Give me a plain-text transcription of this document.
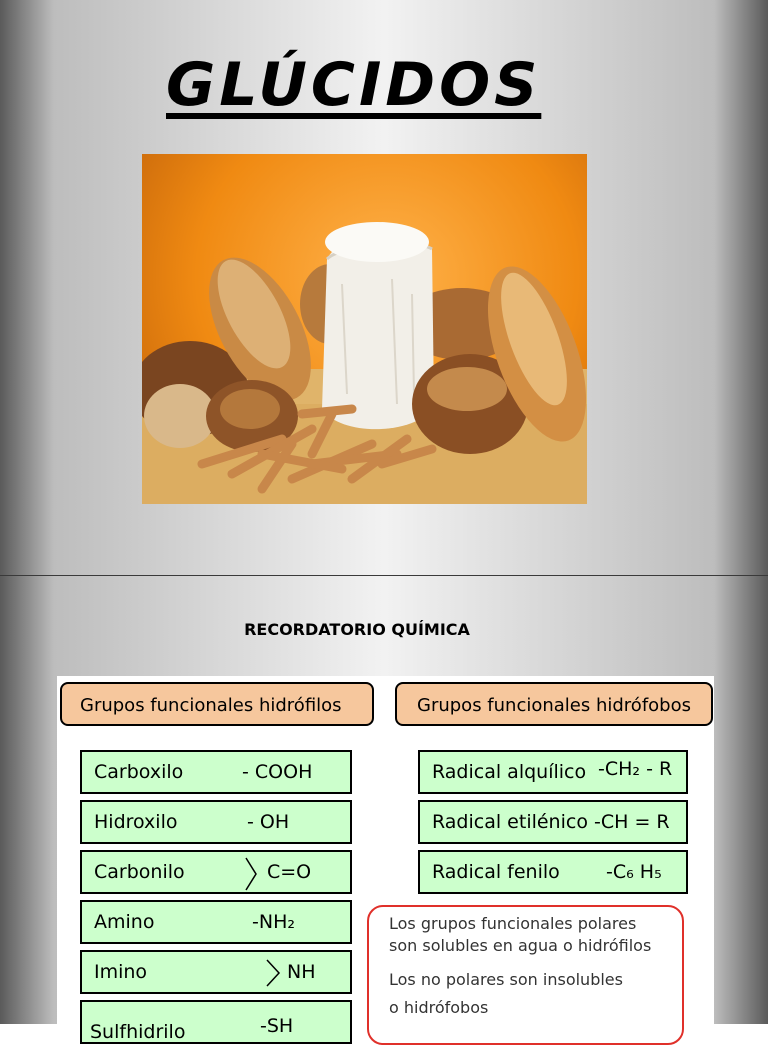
GLÚCIDOS
RECORDATORIO QUÍMICA
Grupos funcionales hidrófilos	Grupos funcionales hidrófobos
Carboxilo	- COOH
Hidroxilo	- OH
Carbonilo	C=O
Amino	-NH₂
Imino	NH
Sulfhidrilo	-SH
Radical alquílico -CH₂ - R
Radical etilénico -CH = R
Radical fenilo -C₆ H₅

Los grupos funcionales polares

son solubles en agua o hidrófilos

Los no polares son insolubles

o hidrófobos
